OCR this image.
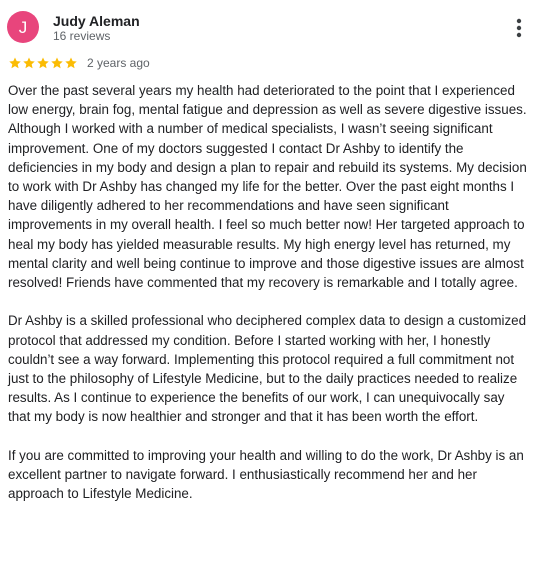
J Judy Aleman
16 reviews
2 years ago

Over the past several years my health had deteriorated to the point that I experienced low energy, brain fog, mental fatigue and depression as well as severe digestive issues. Although I worked with a number of medical specialists, I wasn’t seeing significant improvement. One of my doctors suggested I contact Dr Ashby to identify the deficiencies in my body and design a plan to repair and rebuild its systems. My decision to work with Dr Ashby has changed my life for the better. Over the past eight months I have diligently adhered to her recommendations and have seen significant improvements in my overall health. I feel so much better now! Her targeted approach to heal my body has yielded measurable results. My high energy level has returned, my mental clarity and well being continue to improve and those digestive issues are almost resolved! Friends have commented that my recovery is remarkable and I totally agree.

Dr Ashby is a skilled professional who deciphered complex data to design a customized protocol that addressed my condition. Before I started working with her, I honestly couldn’t see a way forward. Implementing this protocol required a full commitment not just to the philosophy of Lifestyle Medicine, but to the daily practices needed to realize results. As I continue to experience the benefits of our work, I can unequivocally say that my body is now healthier and stronger and that it has been worth the effort.

If you are committed to improving your health and willing to do the work, Dr Ashby is an excellent partner to navigate forward. I enthusiastically recommend her and her approach to Lifestyle Medicine.
